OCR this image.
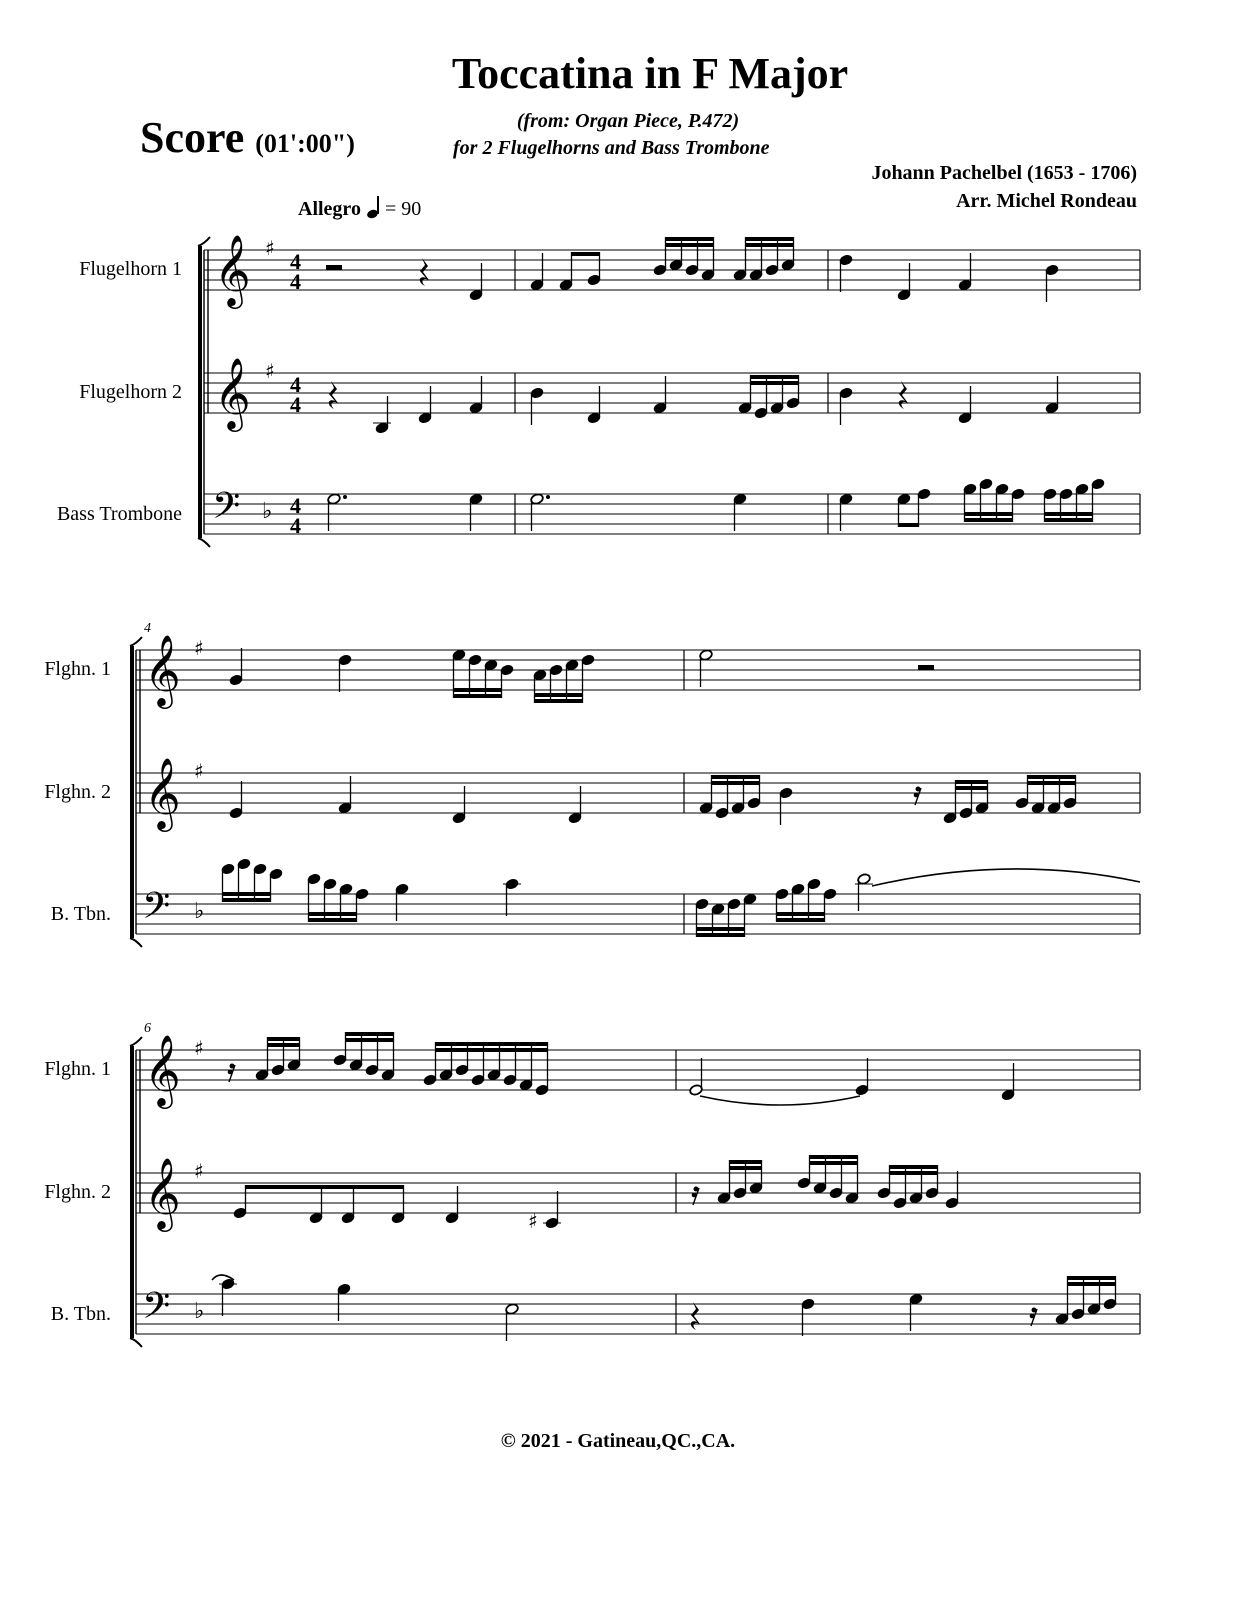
Toccatina in F Major
Score (01':00")
(from: Organ Piece, P.472)
for 2 Flugelhorns and Bass Trombone
Johann Pachelbel (1653 - 1706)
Arr. Michel Rondeau
Allegro = 90
Flugelhorn 1
Flugelhorn 2
Bass Trombone
Flghn. 1
Flghn. 2
B. Tbn.
Flghn. 1
Flghn. 2
B. Tbn.
4
6
𝄞 ♯
4
4
𝄞 ♯
4
4
𝄢 ♭ 4
4
𝄞 ♯
𝄞 ♯
𝄢 ♭
𝄞 ♯
𝄞 ♯
𝄢 ♭
♯
© 2021 - Gatineau,QC.,CA.
